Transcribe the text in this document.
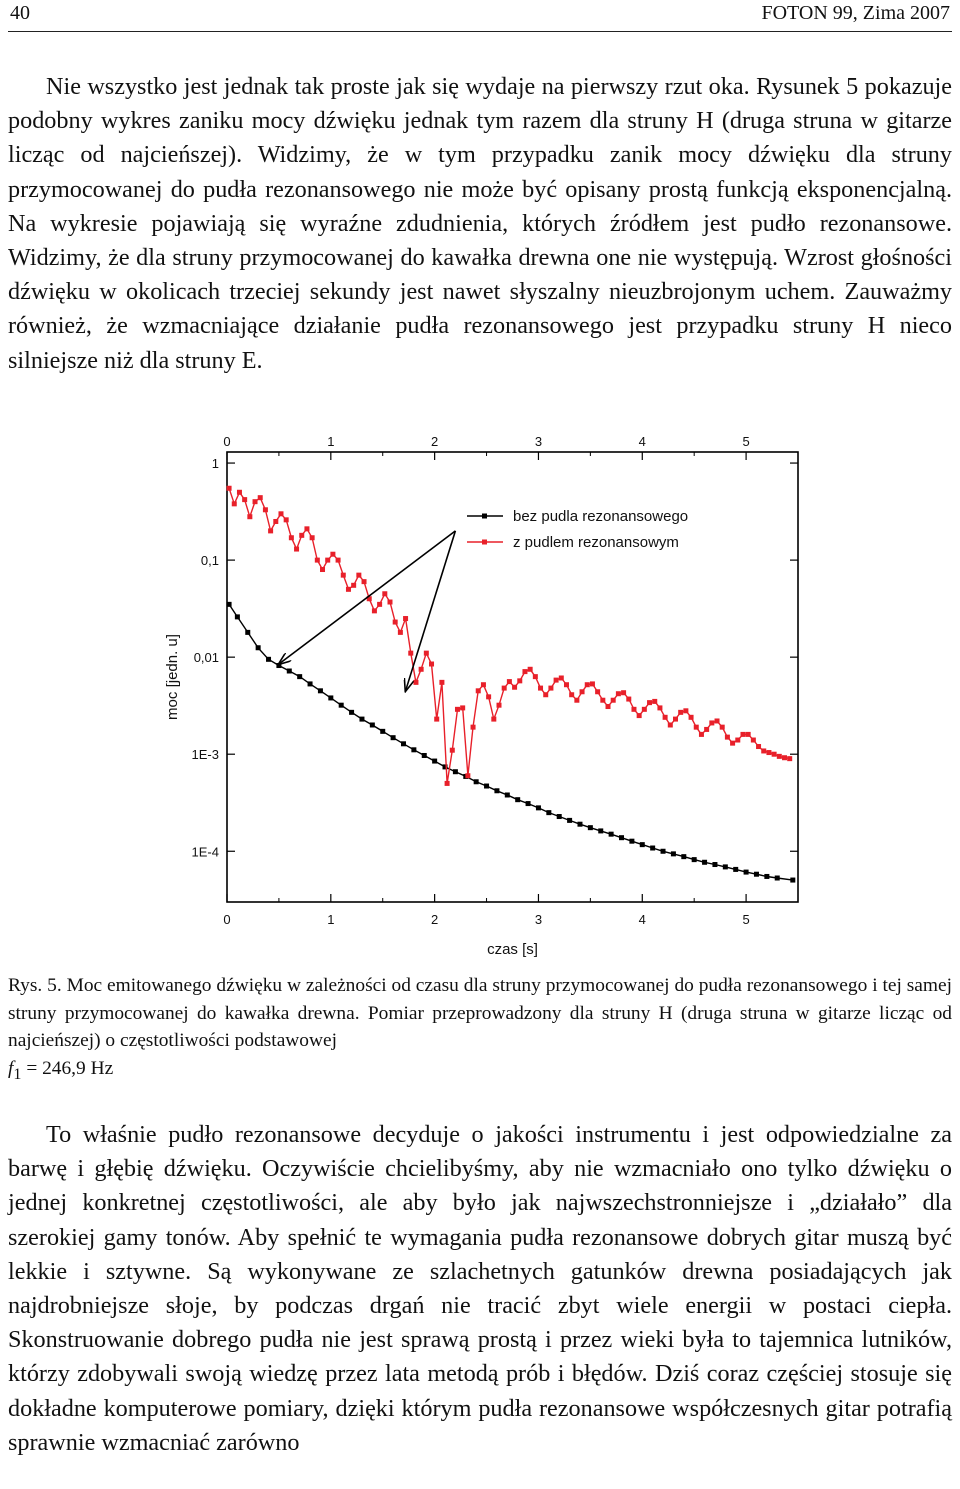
40	FOTON 99, Zima 2007

Nie wszystko jest jednak tak proste jak się wydaje na pierwszy rzut oka. Rysunek 5 pokazuje podobny wykres zaniku mocy dźwięku jednak tym razem dla struny H (druga struna w gitarze licząc od najcieńszej). Widzimy, że w tym przypadku zanik mocy dźwięku dla struny przymocowanej do pudła rezonansowego nie może być opisany prostą funkcją eksponencjalną. Na wykresie pojawiają się wyraźne zdudnienia, których źródłem jest pudło rezonansowe. Widzimy, że dla struny przymocowanej do kawałka drewna one nie występują. Wzrost głośności dźwięku w okolicach trzeciej sekundy jest nawet słyszalny nieuzbrojonym uchem. Zauważmy również, że wzmacniające działanie pudła rezonansowego jest przypadku struny H nieco silniejsze niż dla struny E.

0
0
1
1
2
2
3
3
4
4
5
5
1
0,1
0,01
1E-3
1E-4
czas [s]
moc [jedn. u]
bez pudla rezonansowego
z pudlem rezonansowym

Rys. 5. Moc emitowanego dźwięku w zależności od czasu dla struny przymocowanej do pudła rezonansowego i tej samej struny przymocowanej do kawałka drewna. Pomiar przeprowadzony dla struny H (druga struna w gitarze licząc od najcieńszej) o częstotliwości podstawowej
$f_1 = 246,9$ Hz

To właśnie pudło rezonansowe decyduje o jakości instrumentu i jest odpowiedzialne za barwę i głębię dźwięku. Oczywiście chcielibyśmy, aby nie wzmacniało ono tylko dźwięku o jednej konkretnej częstotliwości, ale aby było jak najwszechstronniejsze i „działało” dla szerokiej gamy tonów. Aby spełnić te wymagania pudła rezonansowe dobrych gitar muszą być lekkie i sztywne. Są wykonywane ze szlachetnych gatunków drewna posiadających jak najdrobniejsze słoje, by podczas drgań nie tracić zbyt wiele energii w postaci ciepła. Skonstruowanie dobrego pudła nie jest sprawą prostą i przez wieki była to tajemnica lutników, którzy zdobywali swoją wiedzę przez lata metodą prób i błędów. Dziś coraz częściej stosuje się dokładne komputerowe pomiary, dzięki którym pudła rezonansowe współczesnych gitar potrafią sprawnie wzmacniać zarówno
